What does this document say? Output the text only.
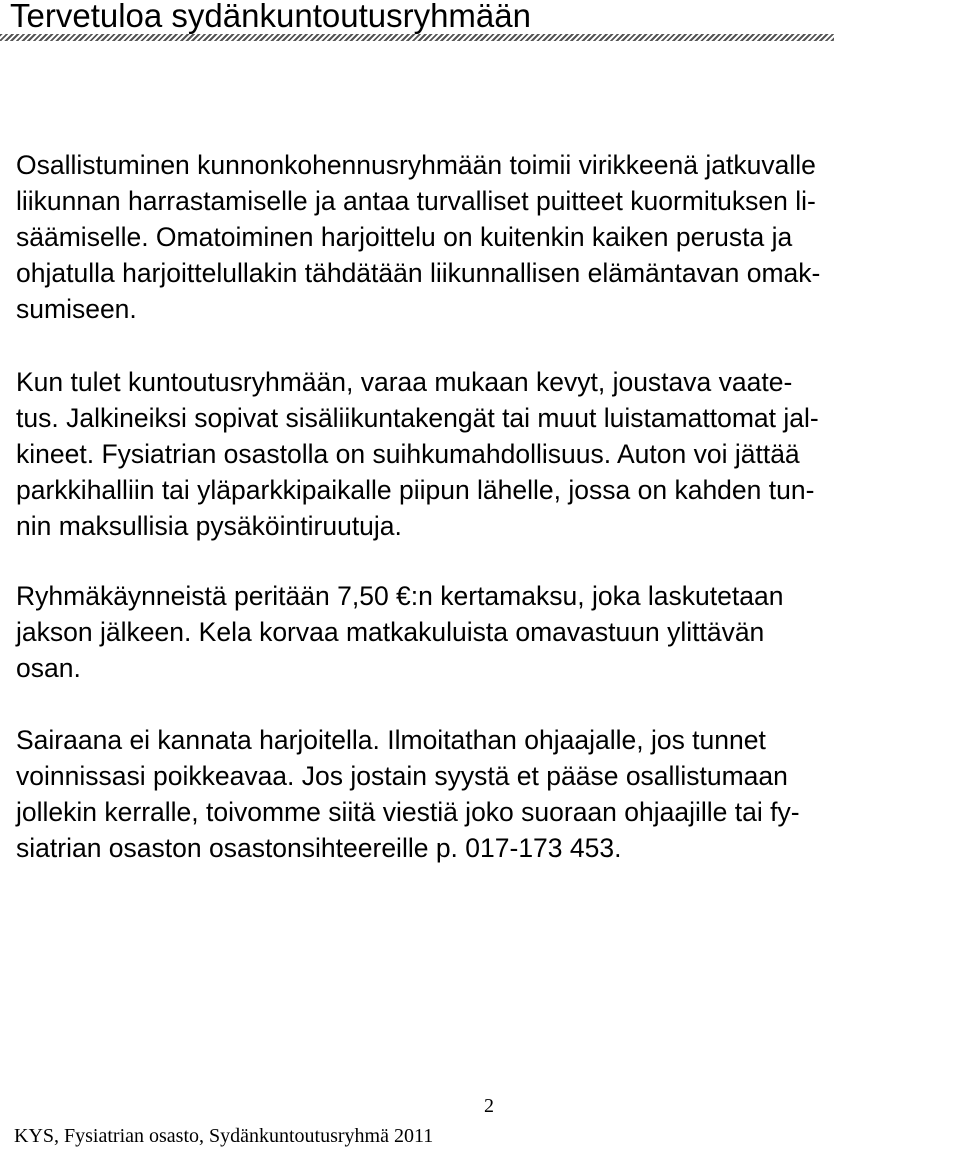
Tervetuloa sydänkuntoutusryhmään

Osallistuminen kunnonkohennusryhmään toimii virikkeenä jatkuvalle
liikunnan harrastamiselle ja antaa turvalliset puitteet kuormituksen li-
säämiselle. Omatoiminen harjoittelu on kuitenkin kaiken perusta ja
ohjatulla harjoittelullakin tähdätään liikunnallisen elämäntavan omak-
sumiseen.

Kun tulet kuntoutusryhmään, varaa mukaan kevyt, joustava vaate-
tus. Jalkineiksi sopivat sisäliikuntakengät tai muut luistamattomat jal-
kineet. Fysiatrian osastolla on suihkumahdollisuus. Auton voi jättää
parkkihalliin tai yläparkkipaikalle piipun lähelle, jossa on kahden tun-
nin maksullisia pysäköintiruutuja.

Ryhmäkäynneistä peritään 7,50 €:n kertamaksu, joka laskutetaan
jakson jälkeen. Kela korvaa matkakuluista omavastuun ylittävän
osan.

Sairaana ei kannata harjoitella. Ilmoitathan ohjaajalle, jos tunnet
voinnissasi poikkeavaa. Jos jostain syystä et pääse osallistumaan
jollekin kerralle, toivomme siitä viestiä joko suoraan ohjaajille tai fy-
siatrian osaston osastonsihteereille p. 017-173 453.

KYS, Fysiatrian osasto, Sydänkuntoutusryhmä 2011
2
